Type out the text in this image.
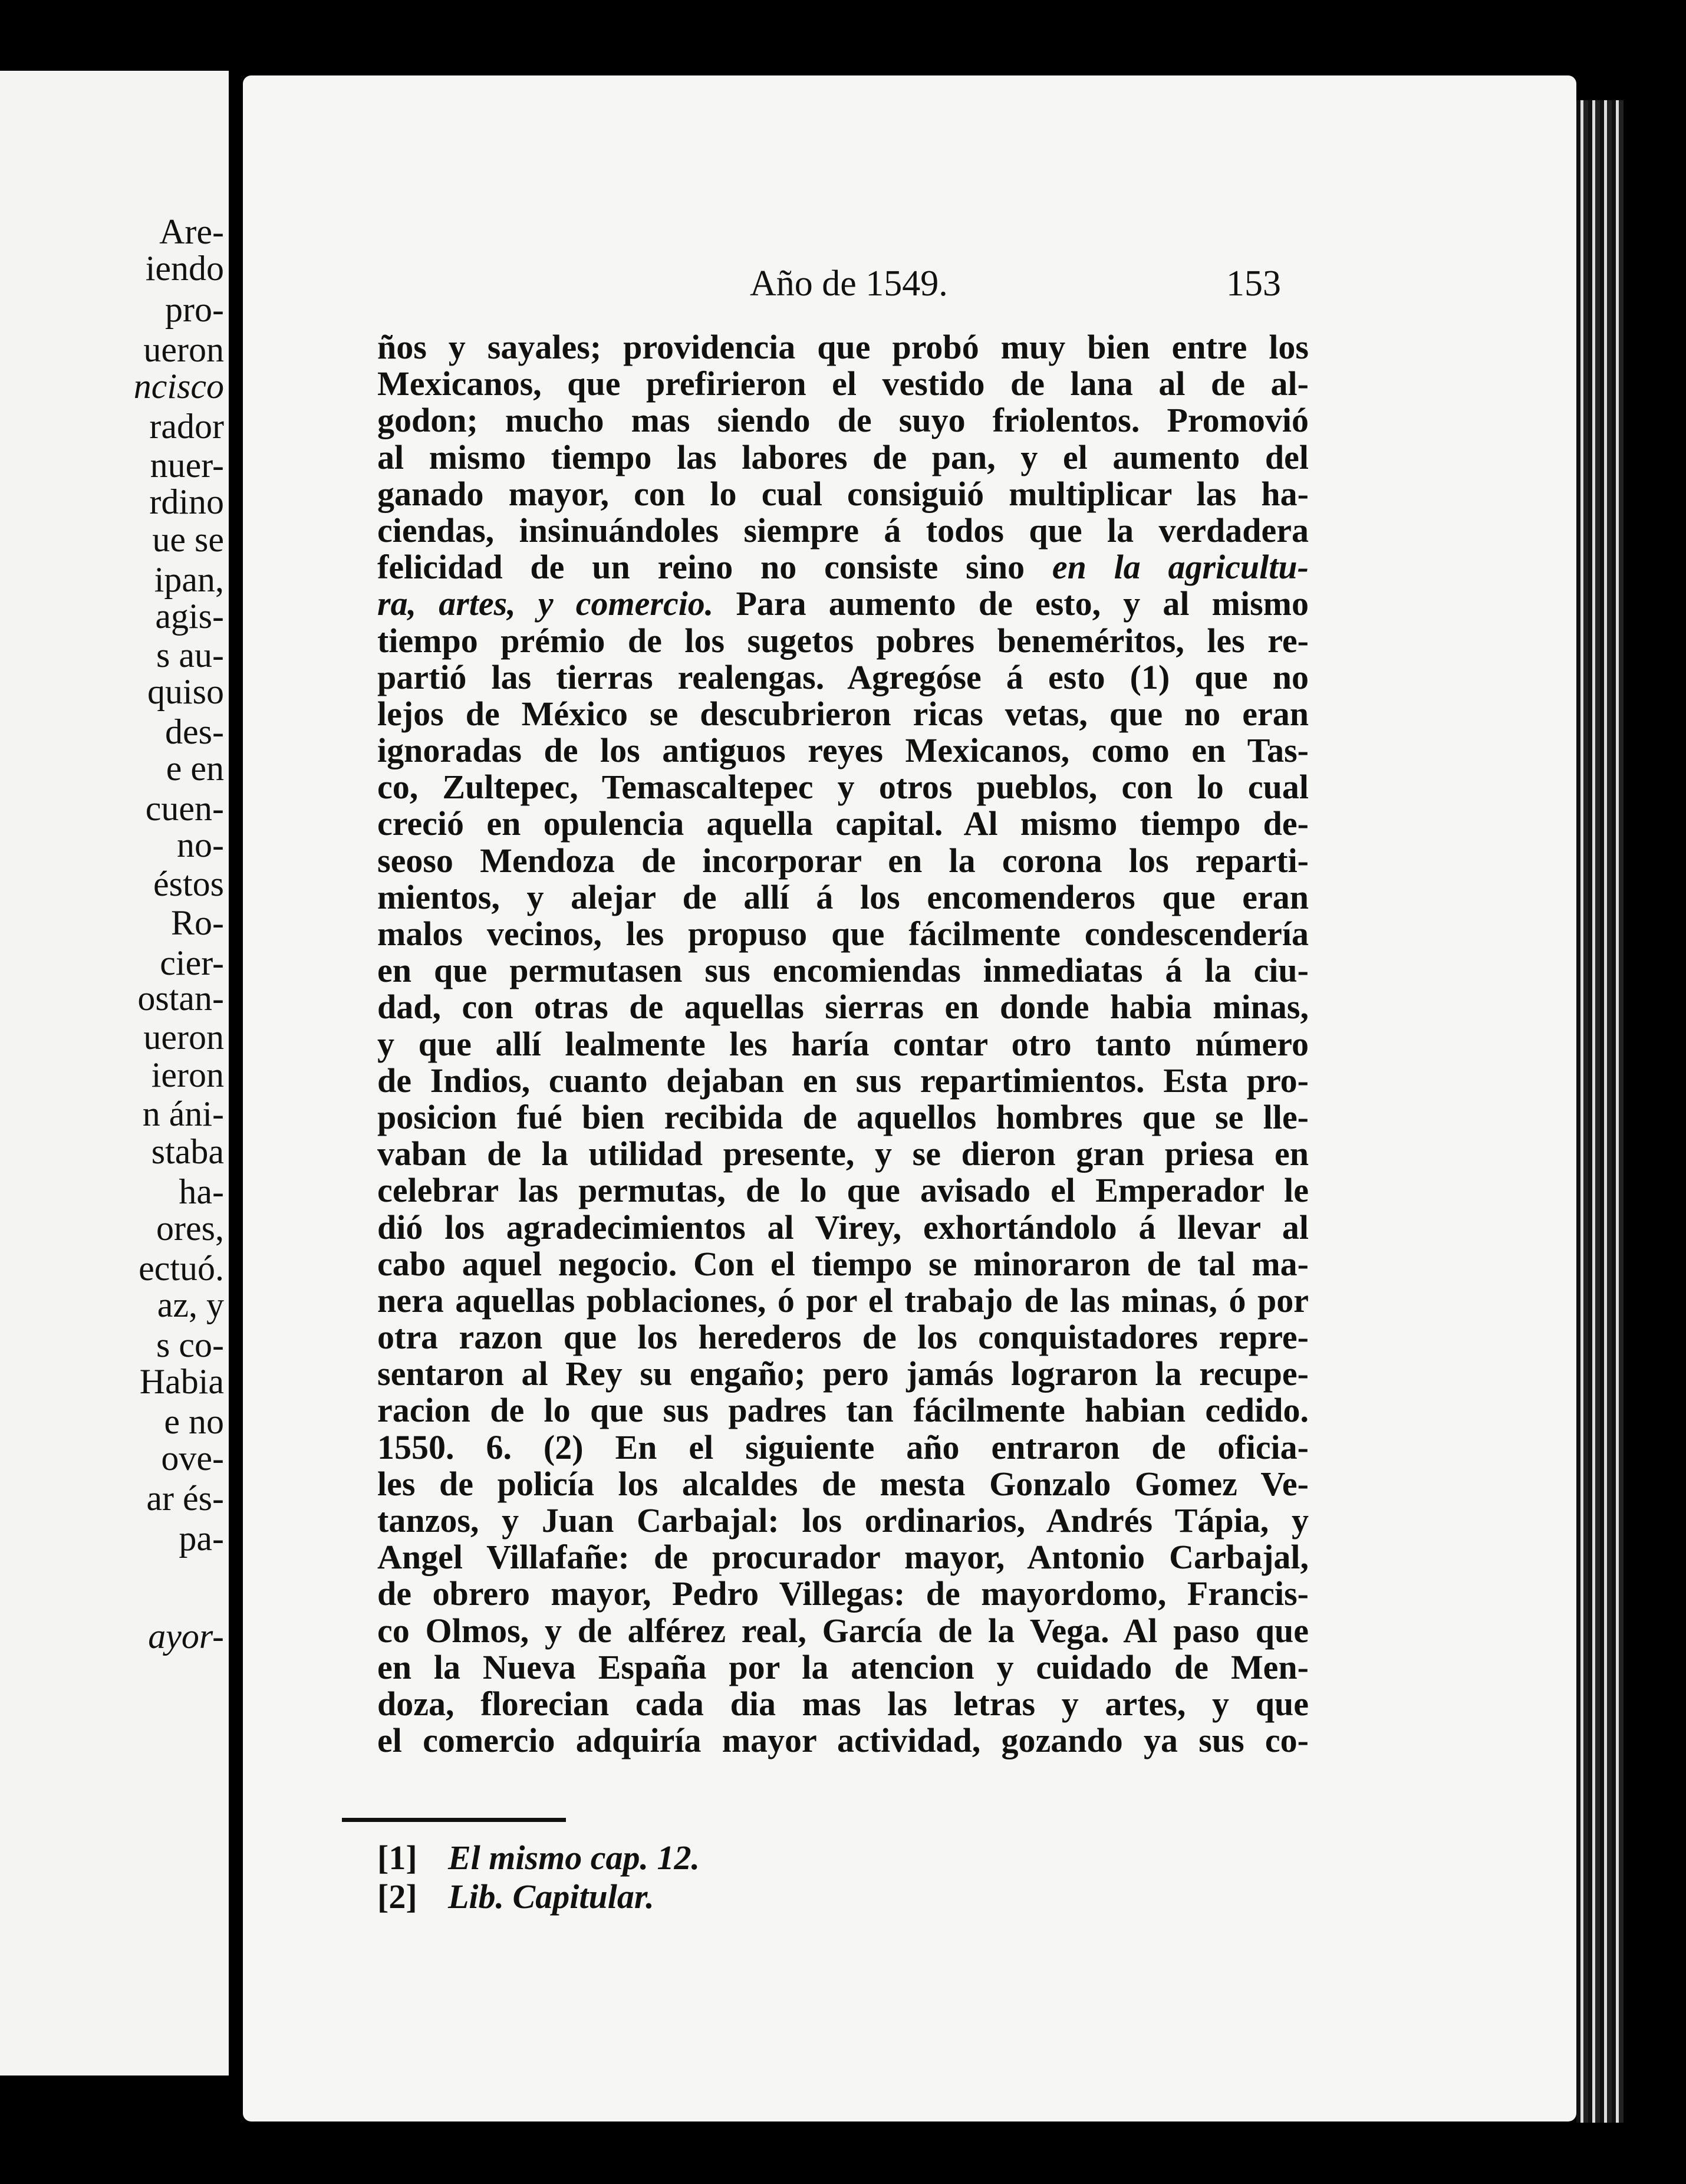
Are-
iendo
pro-
ueron
ncisco
rador
nuer-
rdino
ue se
ipan,
agis-
s au-
quiso
des-
e en
cuen-
no-
éstos
Ro-
cier-
ostan-
ueron
ieron
n áni-
staba
ha-
ores,
ectuó.
az, y
s co-
Habia
e no
ove-
ar és-
pa-
ayor-
Año de 1549.	153
ños y sayales; providencia que probó muy bien entre los
Mexicanos, que prefirieron el vestido de lana al de al-
godon; mucho mas siendo de suyo friolentos. Promovió
al mismo tiempo las labores de pan, y el aumento del
ganado mayor, con lo cual consiguió multiplicar las ha-
ciendas, insinuándoles siempre á todos que la verdadera
felicidad de un reino no consiste sino en la agricultu-
ra, artes, y comercio. Para aumento de esto, y al mismo
tiempo prémio de los sugetos pobres beneméritos, les re-
partió las tierras realengas. Agregóse á esto (1) que no
lejos de México se descubrieron ricas vetas, que no eran
ignoradas de los antiguos reyes Mexicanos, como en Tas-
co, Zultepec, Temascaltepec y otros pueblos, con lo cual
creció en opulencia aquella capital. Al mismo tiempo de-
seoso Mendoza de incorporar en la corona los reparti-
mientos, y alejar de allí á los encomenderos que eran
malos vecinos, les propuso que fácilmente condescendería
en que permutasen sus encomiendas inmediatas á la ciu-
dad, con otras de aquellas sierras en donde habia minas,
y que allí lealmente les haría contar otro tanto número
de Indios, cuanto dejaban en sus repartimientos. Esta pro-
posicion fué bien recibida de aquellos hombres que se lle-
vaban de la utilidad presente, y se dieron gran priesa en
celebrar las permutas, de lo que avisado el Emperador le
dió los agradecimientos al Virey, exhortándolo á llevar al
cabo aquel negocio. Con el tiempo se minoraron de tal ma-
nera aquellas poblaciones, ó por el trabajo de las minas, ó por
otra razon que los herederos de los conquistadores repre-
sentaron al Rey su engaño; pero jamás lograron la recupe-
racion de lo que sus padres tan fácilmente habian cedido.
1550. 6. (2) En el siguiente año entraron de oficia-
les de policía los alcaldes de mesta Gonzalo Gomez Ve-
tanzos, y Juan Carbajal: los ordinarios, Andrés Tápia, y
Angel Villafañe: de procurador mayor, Antonio Carbajal,
de obrero mayor, Pedro Villegas: de mayordomo, Francis-
co Olmos, y de alférez real, García de la Vega. Al paso que
en la Nueva España por la atencion y cuidado de Men-
doza, florecian cada dia mas las letras y artes, y que
el comercio adquiría mayor actividad, gozando ya sus co-
[1] El mismo cap. 12.
[2] Lib. Capitular.
